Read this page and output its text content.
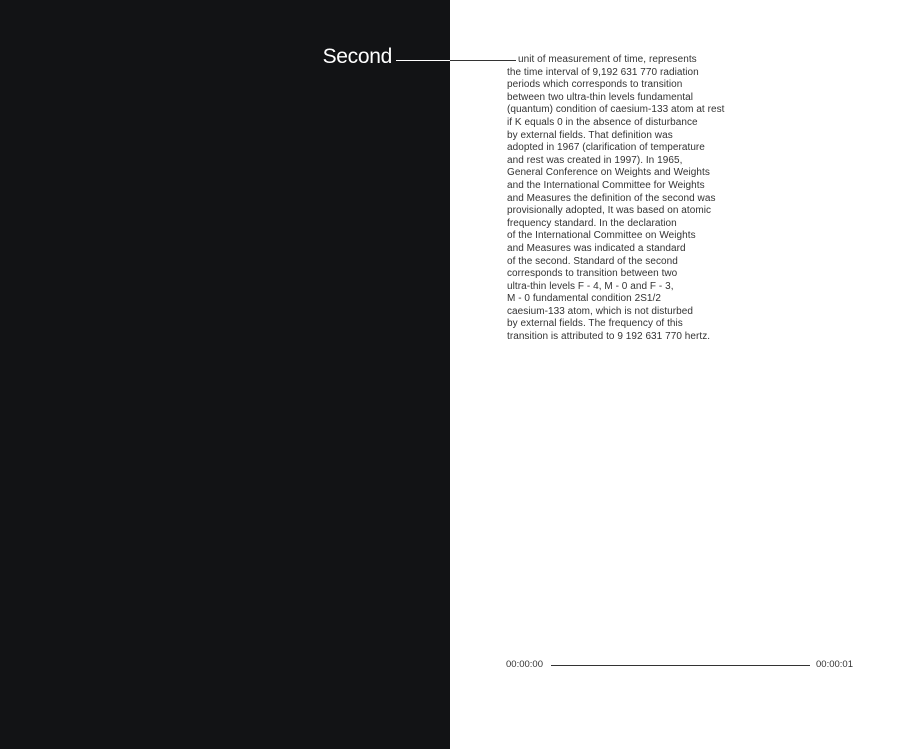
Second	unit of measurement of time, represents
the time interval of 9,192 631 770 radiation
periods which corresponds to transition
between two ultra-thin levels fundamental
(quantum) condition of caesium-133 atom at rest
if K equals 0 in the absence of disturbance
by external fields. That definition was
adopted in 1967 (clarification of temperature
and rest was created in 1997). In 1965,
General Conference on Weights and Weights
and the International Committee for Weights
and Measures the definition of the second was
provisionally adopted, It was based on atomic
frequency standard. In the declaration
of the International Committee on Weights
and Measures was indicated a standard
of the second. Standard of the second
corresponds to transition between two
ultra-thin levels F - 4, M - 0 and F - 3,
M - 0 fundamental condition 2S1/2
caesium-133 atom, which is not disturbed
by external fields. The frequency of this
transition is attributed to 9 192 631 770 hertz.
00:00:00	00:00:01
